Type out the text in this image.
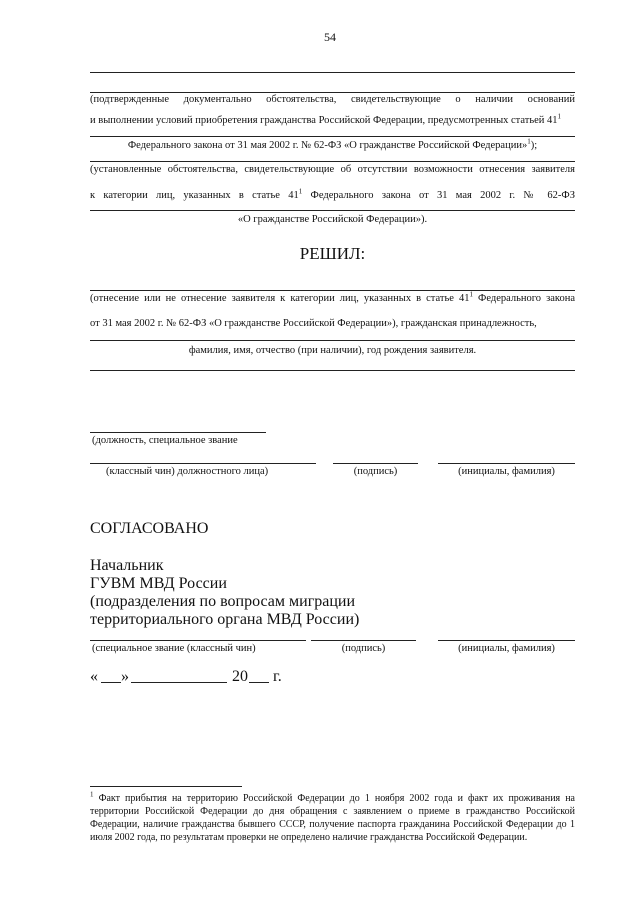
54
(подтвержденные документально обстоятельства, свидетельствующие о наличии оснований
и выполнении условий приобретения гражданства Российской Федерации, предусмотренных статьей $41^1$
Федерального закона от 31 мая 2002 г. № 62-ФЗ «О гражданстве Российской Федерации»$^1$);
(установленные обстоятельства, свидетельствующие об отсутствии возможности отнесения заявителя
к категории лиц, указанных в статье $41^1$ Федерального закона от 31 мая 2002 г. № 62-ФЗ
«О гражданстве Российской Федерации»).
РЕШИЛ:
(отнесение или не отнесение заявителя к категории лиц, указанных в статье $41^1$ Федерального закона
от 31 мая 2002 г. № 62-ФЗ «О гражданстве Российской Федерации»), гражданская принадлежность,
фамилия, имя, отчество (при наличии), год рождения заявителя.
(должность, специальное звание
(классный чин) должностного лица)	(подпись)	(инициалы, фамилия)
СОГЛАСОВАНО
Начальник
ГУВМ МВД России
(подразделения по вопросам миграции
территориального органа МВД России)
(специальное звание (классный чин)	(подпись)	(инициалы, фамилия)
« »	20 г.
$^1$ Факт прибытия на территорию Российской Федерации до 1 ноября 2002 года и факт их проживания на территории Российской Федерации до дня обращения с заявлением о приеме в гражданство Российской Федерации, наличие гражданства бывшего СССР, получение паспорта гражданина Российской Федерации до 1 июля 2002 года, по результатам проверки не определено наличие гражданства Российской Федерации.
